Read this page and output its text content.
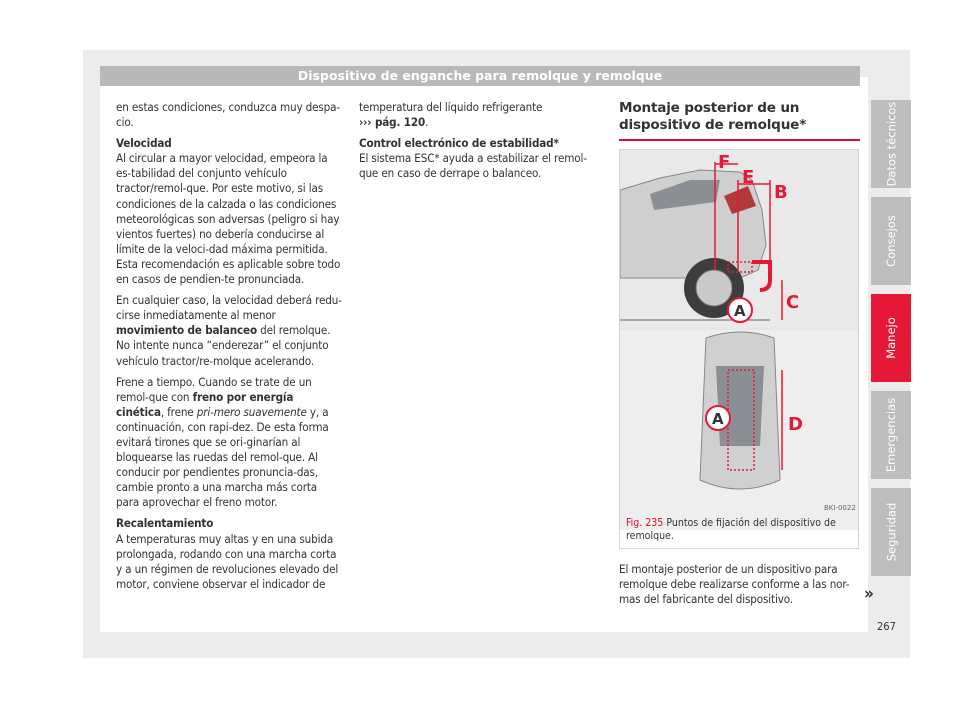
Dispositivo de enganche para remolque y remolque

en estas condiciones, conduzca muy despa-cio.

Velocidad

Al circular a mayor velocidad, empeora la es-tabilidad del conjunto vehículo tractor/remol-que. Por este motivo, si las condiciones de la calzada o las condiciones meteorológicas son adversas (peligro si hay vientos fuertes) no debería conducirse al límite de la veloci-dad máxima permitida. Esta recomendación es aplicable sobre todo en casos de pendien-te pronunciada.

En cualquier caso, la velocidad deberá redu-cirse inmediatamente al menor movimiento de balanceo del remolque. No intente nunca “enderezar” el conjunto vehículo tractor/re-molque acelerando.

Frene a tiempo. Cuando se trate de un remol-que con freno por energía cinética, frene pri-mero suavemente y, a continuación, con rapi-dez. De esta forma evitará tirones que se ori-ginarían al bloquearse las ruedas del remol-que. Al conducir por pendientes pronuncia-das, cambie pronto a una marcha más corta para aprovechar el freno motor.

Recalentamiento

A temperaturas muy altas y en una subida prolongada, rodando con una marcha corta y a un régimen de revoluciones elevado del motor, conviene observar el indicador de

temperatura del líquido refrigerante
››› pág. 120.

Control electrónico de estabilidad*

El sistema ESC* ayuda a estabilizar el remol-que en caso de derrape o balanceo.

Montaje posterior de un dispositivo de remolque*
F
E
B
C
A
D
A
BKI-0022
Fig. 235 Puntos de fijación del dispositivo de remolque.
El montaje posterior de un dispositivo para remolque debe realizarse conforme a las nor-mas del fabricante del dispositivo.	»
Datos técnicos
Consejos
Manejo
Emergencias
Seguridad
267
